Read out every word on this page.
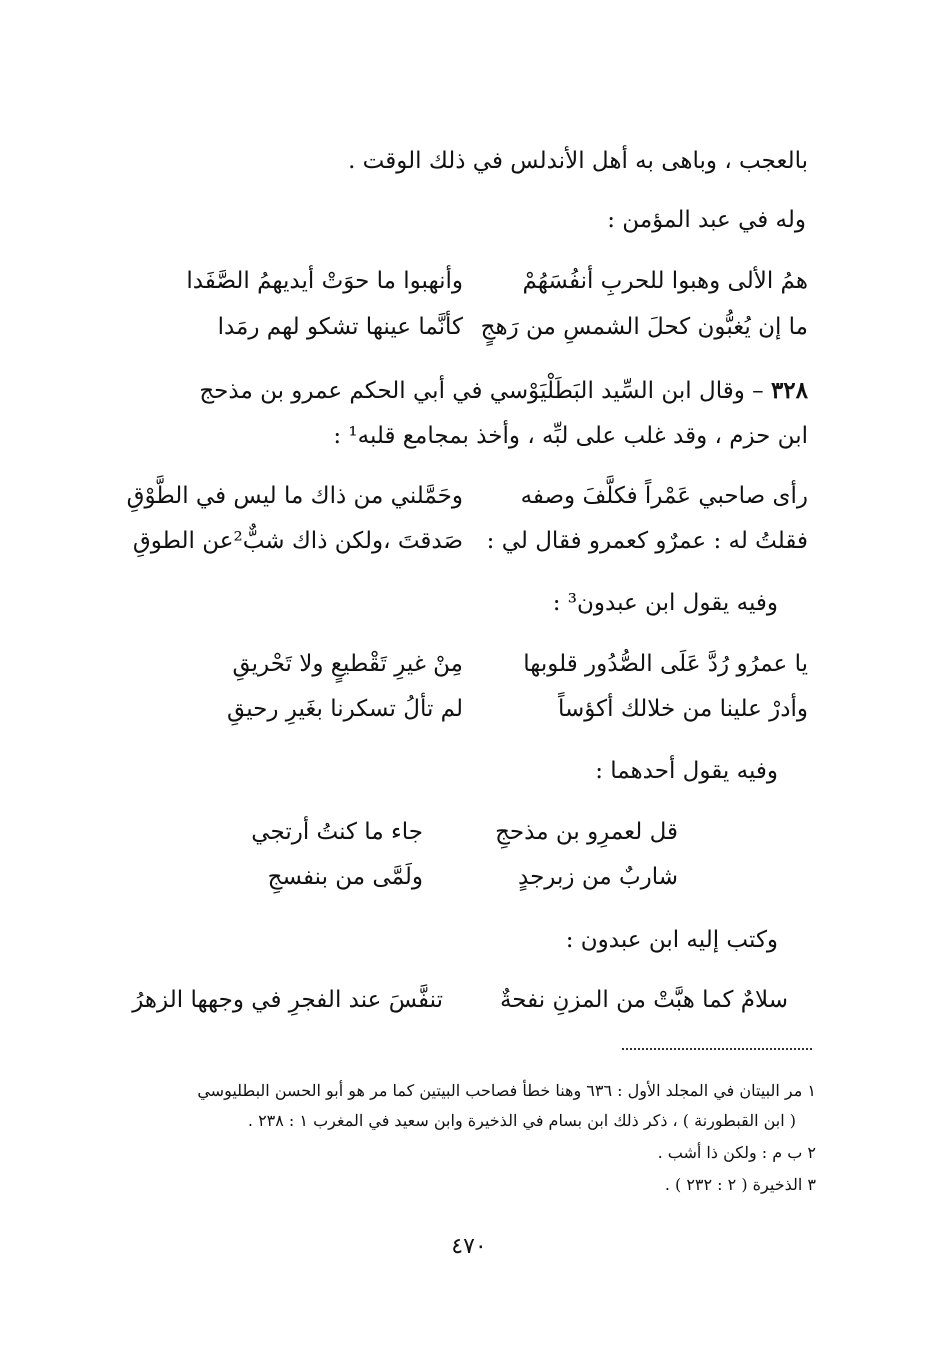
بالعجب ، وباهى به أهل الأندلس في ذلك الوقت .
وله في عبد المؤمن :
همُ الألى وهبوا للحربِ أنفُسَهُمْ
وأنهبوا ما حوَتْ أيديهمُ الصَّفَدا
ما إن يُغبُّون كحلَ الشمسِ من رَهجٍ
كأنَّما عينها تشكو لهم رمَدا
٣٢٨ – وقال ابن السِّيد البَطَلْيَوْسي في أبي الحكم عمرو بن مذحج
ابن حزم ، وقد غلب على لبِّه ، وأخذ بمجامع قلبه¹ :
رأى صاحبي عَمْراً فكلَّفَ وصفه
وحَمَّلني من ذاك ما ليس في الطَّوْقِ
فقلتُ له : عمرٌو كعمرو فقال لي :
صَدقتَ ،ولكن ذاك شبٌّ²عن الطوقِ
وفيه يقول ابن عبدون³ :
يا عمرُو رُدَّ عَلَى الصُّدُور قلوبها
مِنْ غيرِ تَقْطيعٍ ولا تَحْريقِ
وأدرْ علينا من خلالك أكؤساً
لم تألُ تسكرنا بغَيرِ رحيقِ
وفيه يقول أحدهما :
قل لعمرِو بن مذحجِ
جاء ما كنتُ أرتجي
شاربٌ من زبرجدٍ
ولَمَّى من بنفسجِ
وكتب إليه ابن عبدون :
سلامٌ كما هبَّتْ من المزنِ نفحةٌ
تنفَّسَ عند الفجرِ في وجهها الزهرُ
١ مر البيتان في المجلد الأول : ٦٣٦ وهنا خطأ فصاحب البيتين كما مر هو أبو الحسن البطليوسي
( ابن القبطورنة ) ، ذكر ذلك ابن بسام في الذخيرة وابن سعيد في المغرب ١ : ٢٣٨ .
٢ ب م : ولكن ذا أشب .
٣ الذخيرة ( ٢ : ٢٣٢ ) .
٤٧٠
